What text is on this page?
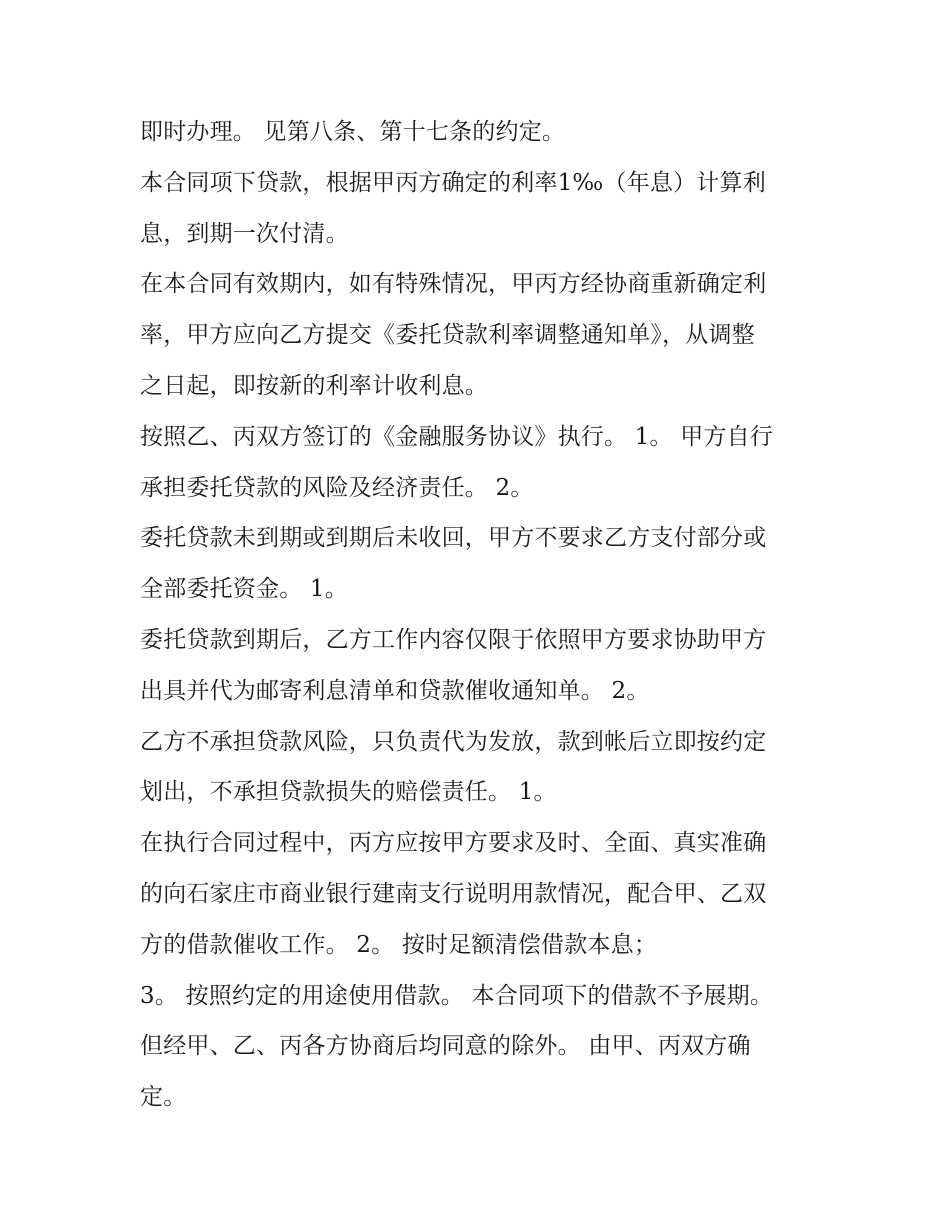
即时办理。 见第八条、第十七条的约定。
本合同项下贷款，根据甲丙方确定的利率1‰（年息）计算利
息，到期一次付清。
在本合同有效期内，如有特殊情况，甲丙方经协商重新确定利
率，甲方应向乙方提交《委托贷款利率调整通知单》，从调整
之日起，即按新的利率计收利息。
按照乙、丙双方签订的《金融服务协议》执行。 1。 甲方自行
承担委托贷款的风险及经济责任。 2。
委托贷款未到期或到期后未收回，甲方不要求乙方支付部分或
全部委托资金。 1。
委托贷款到期后，乙方工作内容仅限于依照甲方要求协助甲方
出具并代为邮寄利息清单和贷款催收通知单。 2。
乙方不承担贷款风险，只负责代为发放，款到帐后立即按约定
划出，不承担贷款损失的赔偿责任。 1。
在执行合同过程中，丙方应按甲方要求及时、全面、真实准确
的向石家庄市商业银行建南支行说明用款情况，配合甲、乙双
方的借款催收工作。 2。 按时足额清偿借款本息；
3。 按照约定的用途使用借款。 本合同项下的借款不予展期。
但经甲、乙、丙各方协商后均同意的除外。 由甲、丙双方确
定。
